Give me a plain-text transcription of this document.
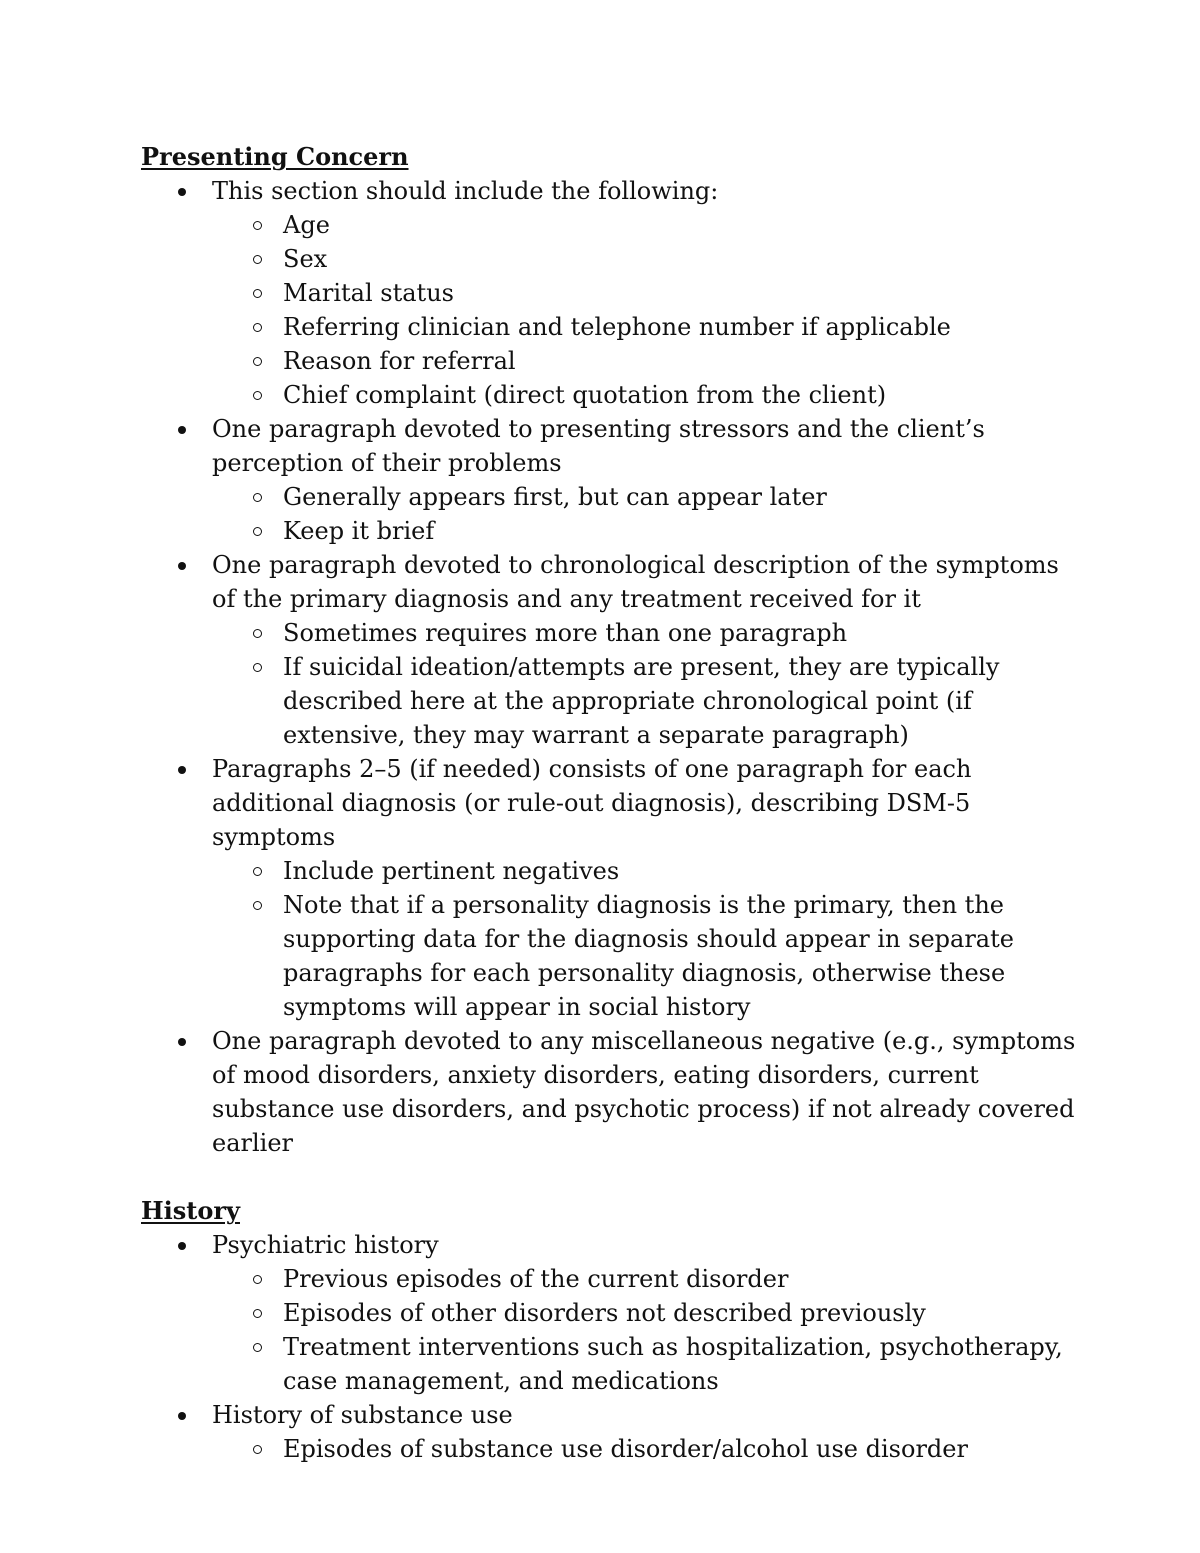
Presenting Concern
This section should include the following:
Age
Sex
Marital status
Referring clinician and telephone number if applicable
Reason for referral
Chief complaint (direct quotation from the client)
One paragraph devoted to presenting stressors and the client’s perception of their problems
Generally appears first, but can appear later
Keep it brief
One paragraph devoted to chronological description of the symptoms of the primary diagnosis and any treatment received for it
Sometimes requires more than one paragraph
If suicidal ideation/attempts are present, they are typically described here at the appropriate chronological point (if extensive, they may warrant a separate paragraph)
Paragraphs 2–5 (if needed) consists of one paragraph for each additional diagnosis (or rule-out diagnosis), describing DSM-5 symptoms
Include pertinent negatives
Note that if a personality diagnosis is the primary, then the supporting data for the diagnosis should appear in separate paragraphs for each personality diagnosis, otherwise these symptoms will appear in social history
One paragraph devoted to any miscellaneous negative (e.g., symptoms of mood disorders, anxiety disorders, eating disorders, current substance use disorders, and psychotic process) if not already covered earlier
History
Psychiatric history
Previous episodes of the current disorder
Episodes of other disorders not described previously
Treatment interventions such as hospitalization, psychotherapy, case management, and medications
History of substance use
Episodes of substance use disorder/alcohol use disorder
